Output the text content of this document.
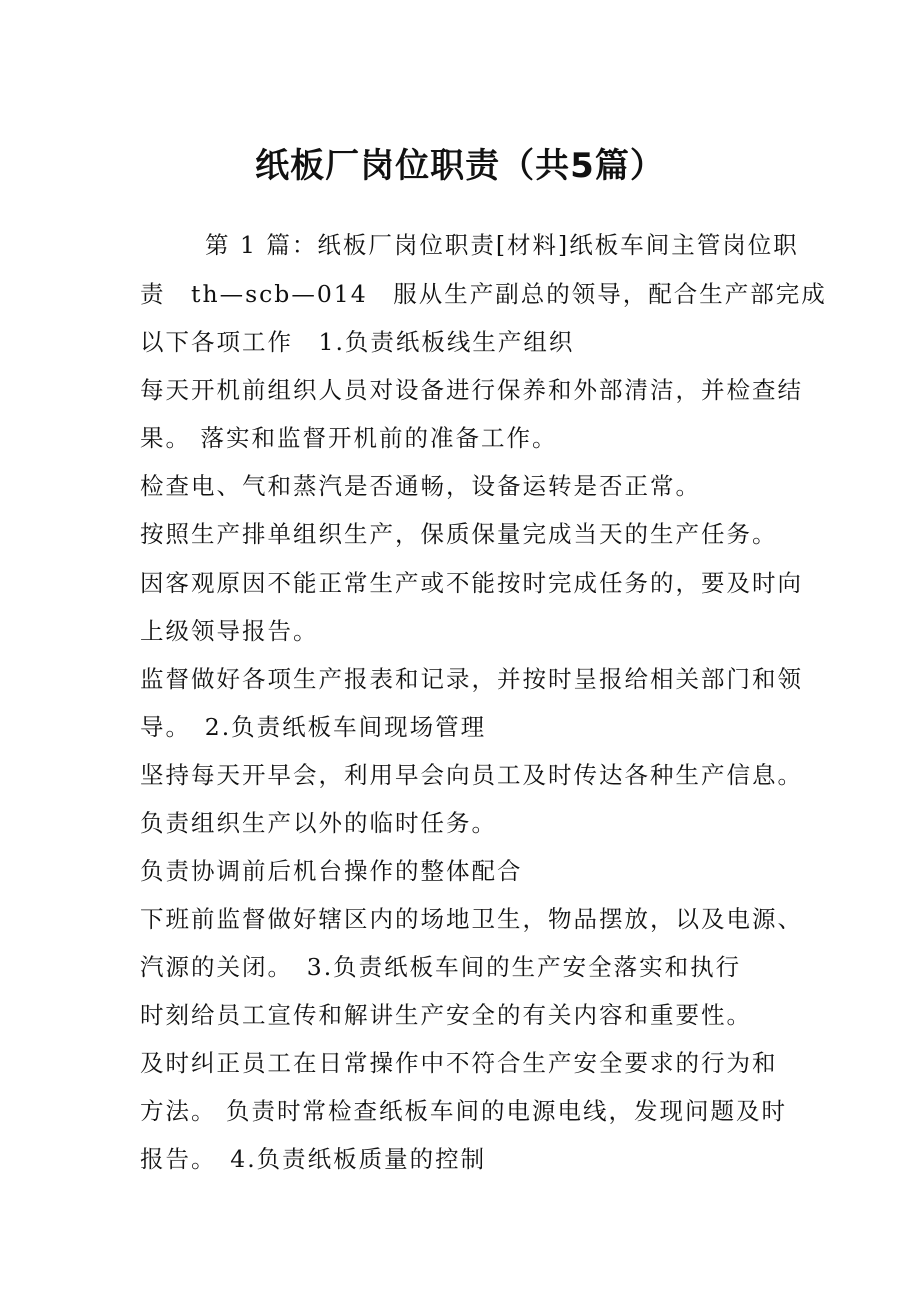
纸板厂岗位职责（共5篇）

第 1 篇：纸板厂岗位职责[材料]纸板车间主管岗位职

责　th—scb—014　服从生产副总的领导，配合生产部完成

以下各项工作　1.负责纸板线生产组织

每天开机前组织人员对设备进行保养和外部清洁，并检查结

果。 落实和监督开机前的准备工作。

检查电、气和蒸汽是否通畅，设备运转是否正常。

按照生产排单组织生产，保质保量完成当天的生产任务。

因客观原因不能正常生产或不能按时完成任务的，要及时向

上级领导报告。

监督做好各项生产报表和记录，并按时呈报给相关部门和领

导。　2.负责纸板车间现场管理

坚持每天开早会，利用早会向员工及时传达各种生产信息。

负责组织生产以外的临时任务。

负责协调前后机台操作的整体配合

下班前监督做好辖区内的场地卫生，物品摆放，以及电源、

汽源的关闭。　3.负责纸板车间的生产安全落实和执行

时刻给员工宣传和解讲生产安全的有关内容和重要性。

及时纠正员工在日常操作中不符合生产安全要求的行为和

方法。 负责时常检查纸板车间的电源电线，发现问题及时

报告。　4.负责纸板质量的控制
